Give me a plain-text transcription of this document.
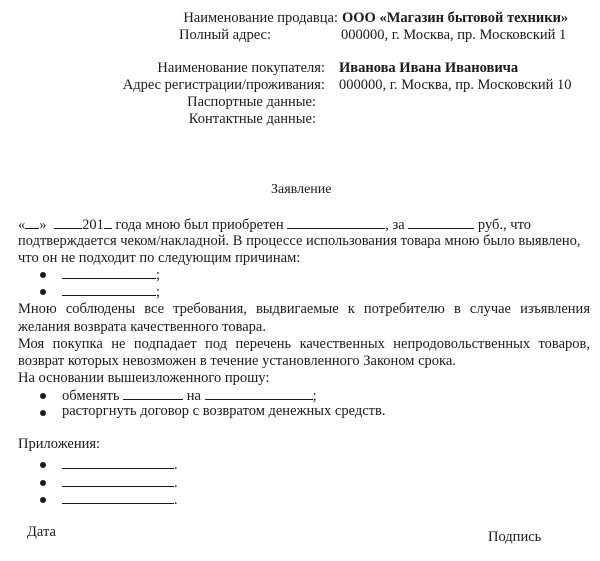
Наименование продавца: ООО «Магазин бытовой техники»
Полный адрес:	000000, г. Москва, пр. Московский 1
Наименование покупателя: Иванова Ивана Ивановича
Адрес регистрации/проживания: 000000, г. Москва, пр. Московский 10
Паспортные данные:
Контактные данные:
Заявление
« » 201 года мною был приобретен	, за	руб., что
подтверждается чеком/накладной. В процессе использования товара мною было выявлено,
что он не подходит по следующим причинам:
;
;
Мною соблюдены все требования, выдвигаемые к потребителю в случае изъявления
желания возврата качественного товара.
Моя покупка не подпадает под перечень качественных непродовольственных товаров,
возврат которых невозможен в течение установленного Законом срока.
На основании вышеизложенного прошу:
обменять	на	;
расторгнуть договор с возвратом денежных средств.
Приложения:
.
.
.
Дата	Подпись
